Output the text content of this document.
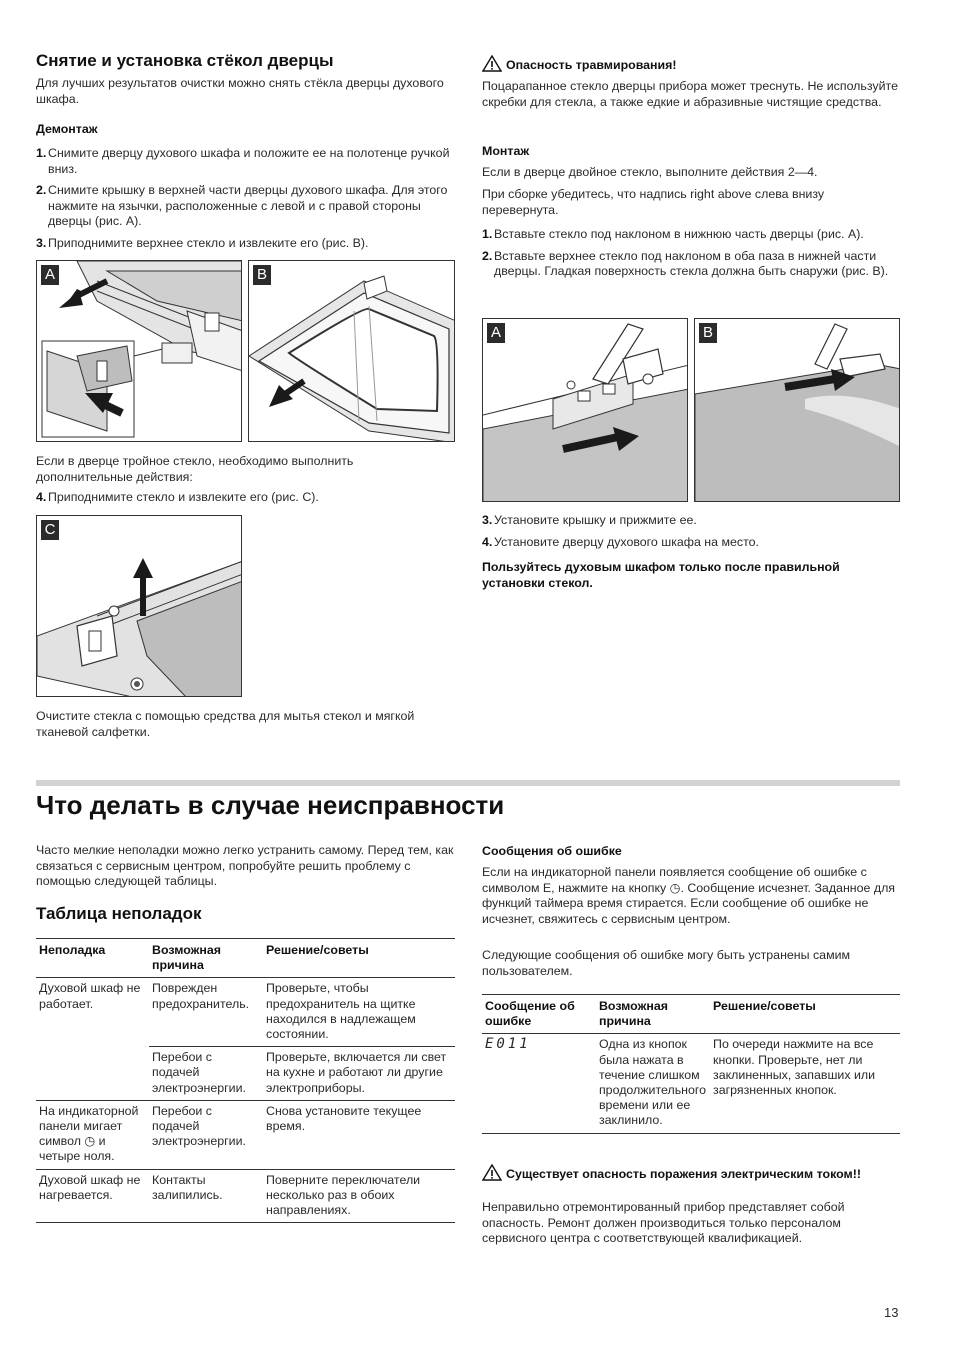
Снятие и установка стёкол дверцы
Для лучших результатов очистки можно снять стёкла дверцы духового шкафа.
Демонтаж
1. Снимите дверцу духового шкафа и положите ее на полотенце ручкой вниз.
2. Снимите крышку в верхней части дверцы духового шкафа. Для этого нажмите на язычки, расположенные с левой и с правой стороны дверцы (рис. A).
3. Приподнимите верхнее стекло и извлеките его (рис. B).
A	B
Если в дверце тройное стекло, необходимо выполнить дополнительные действия:
4. Приподнимите стекло и извлеките его (рис. C).
C
Очистите стекла с помощью средства для мытья стекол и мягкой тканевой салфетки.
Опасность травмирования!
Поцарапанное стекло дверцы прибора может треснуть. Не используйте скребки для стекла, а также едкие и абразивные чистящие средства.
Монтаж
Если в дверце двойное стекло, выполните действия 2—4.
При сборке убедитесь, что надпись right above слева внизу перевернута.
1. Вставьте стекло под наклоном в нижнюю часть дверцы (рис. A).
2. Вставьте верхнее стекло под наклоном в оба паза в нижней части дверцы. Гладкая поверхность стекла должна быть снаружи (рис. B).
A	B
3. Установите крышку и прижмите ее.
4. Установите дверцу духового шкафа на место.
Пользуйтесь духовым шкафом только после правильной установки стекол.
Что делать в случае неисправности
Часто мелкие неполадки можно легко устранить самому. Перед тем, как связаться с сервисным центром, попробуйте решить проблему с помощью следующей таблицы.
Таблица неполадок
Неполадка	Возможная причина	Решение/советы
Духовой шкаф не работает.	Поврежден предохранитель.	Проверьте, чтобы предохранитель на щитке находился в надлежащем состоянии.
	Перебои с подачей электроэнергии.	Проверьте, включается ли свет на кухне и работают ли другие электроприборы.
На индикаторной панели мигает символ ◷ и четыре ноля.	Перебои с подачей электроэнергии.	Снова установите текущее время.
Духовой шкаф не нагревается.	Контакты залипились.	Поверните переключатели несколько раз в обоих направлениях.
Сообщения об ошибке
Если на индикаторной панели появляется сообщение об ошибке с символом E, нажмите на кнопку ◷. Сообщение исчезнет. Заданное для функций таймера время стирается. Если сообщение об ошибке не исчезнет, свяжитесь с сервисным центром.
Следующие сообщения об ошибке могу быть устранены самим пользователем.
Сообщение об ошибке	Возможная причина	Решение/советы
E011	Одна из кнопок была нажата в течение слишком продолжительного времени или ее заклинило.	По очереди нажмите на все кнопки. Проверьте, нет ли заклиненных, запавших или загрязненных кнопок.
Существует опасность поражения электрическим током!!
Неправильно отремонтированный прибор представляет собой опасность. Ремонт должен производиться только персоналом сервисного центра с соответствующей квалификацией.
13
